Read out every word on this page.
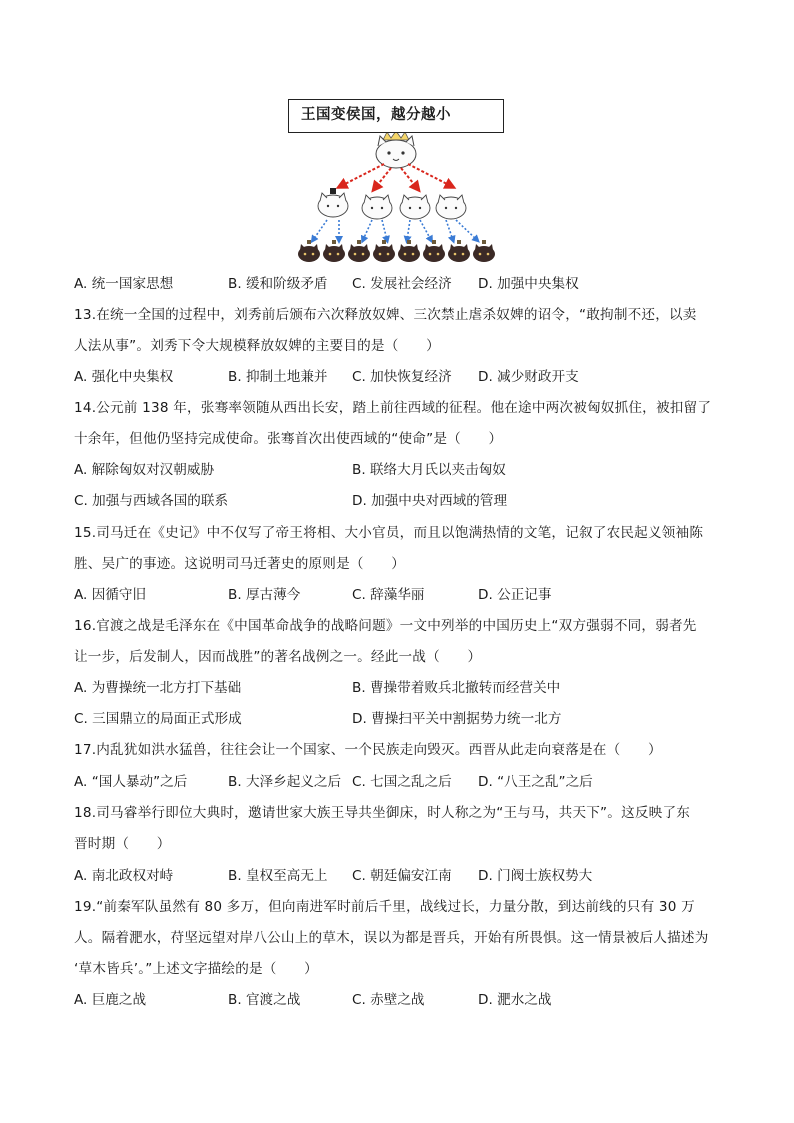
王国变侯国，越分越小
A. 统一国家思想	B. 缓和阶级矛盾 C. 发展社会经济 D. 加强中央集权
13.在统一全国的过程中，刘秀前后颁布六次释放奴婢、三次禁止虐杀奴婢的诏令，“敢拘制不还，以卖
人法从事”。刘秀下令大规模释放奴婢的主要目的是（　　）
A. 强化中央集权	B. 抑制土地兼并 C. 加快恢复经济 D. 减少财政开支
14.公元前 138 年，张骞率领随从西出长安，踏上前往西域的征程。他在途中两次被匈奴抓住，被扣留了
十余年，但他仍坚持完成使命。张骞首次出使西域的“使命”是（　　）
A. 解除匈奴对汉朝威胁	B. 联络大月氏以夹击匈奴
C. 加强与西域各国的联系	D. 加强中央对西域的管理
15.司马迁在《史记》中不仅写了帝王将相、大小官员，而且以饱满热情的文笔，记叙了农民起义领袖陈
胜、吴广的事迹。这说明司马迁著史的原则是（　　）
A. 因循守旧	B. 厚古薄今	C. 辞藻华丽	D. 公正记事
16.官渡之战是毛泽东在《中国革命战争的战略问题》一文中列举的中国历史上“双方强弱不同，弱者先
让一步，后发制人，因而战胜”的著名战例之一。经此一战（　　）
A. 为曹操统一北方打下基础	B. 曹操带着败兵北撤转而经营关中
C. 三国鼎立的局面正式形成	D. 曹操扫平关中割据势力统一北方
17.内乱犹如洪水猛兽，往往会让一个国家、一个民族走向毁灭。西晋从此走向衰落是在（　　）
A. “国人暴动”之后	B. 大泽乡起义之后 C. 七国之乱之后 D. “八王之乱”之后
18.司马睿举行即位大典时，邀请世家大族王导共坐御床，时人称之为“王与马，共天下”。这反映了东
晋时期（　　）
A. 南北政权对峙	B. 皇权至高无上 C. 朝廷偏安江南 D. 门阀士族权势大
19.“前秦军队虽然有 80 多万，但向南进军时前后千里，战线过长，力量分散，到达前线的只有 30 万
人。隔着淝水，苻坚远望对岸八公山上的草木，误以为都是晋兵，开始有所畏惧。这一情景被后人描述为
‘草木皆兵’。”上述文字描绘的是（　　）
A. 巨鹿之战	B. 官渡之战	C. 赤壁之战	D. 淝水之战
